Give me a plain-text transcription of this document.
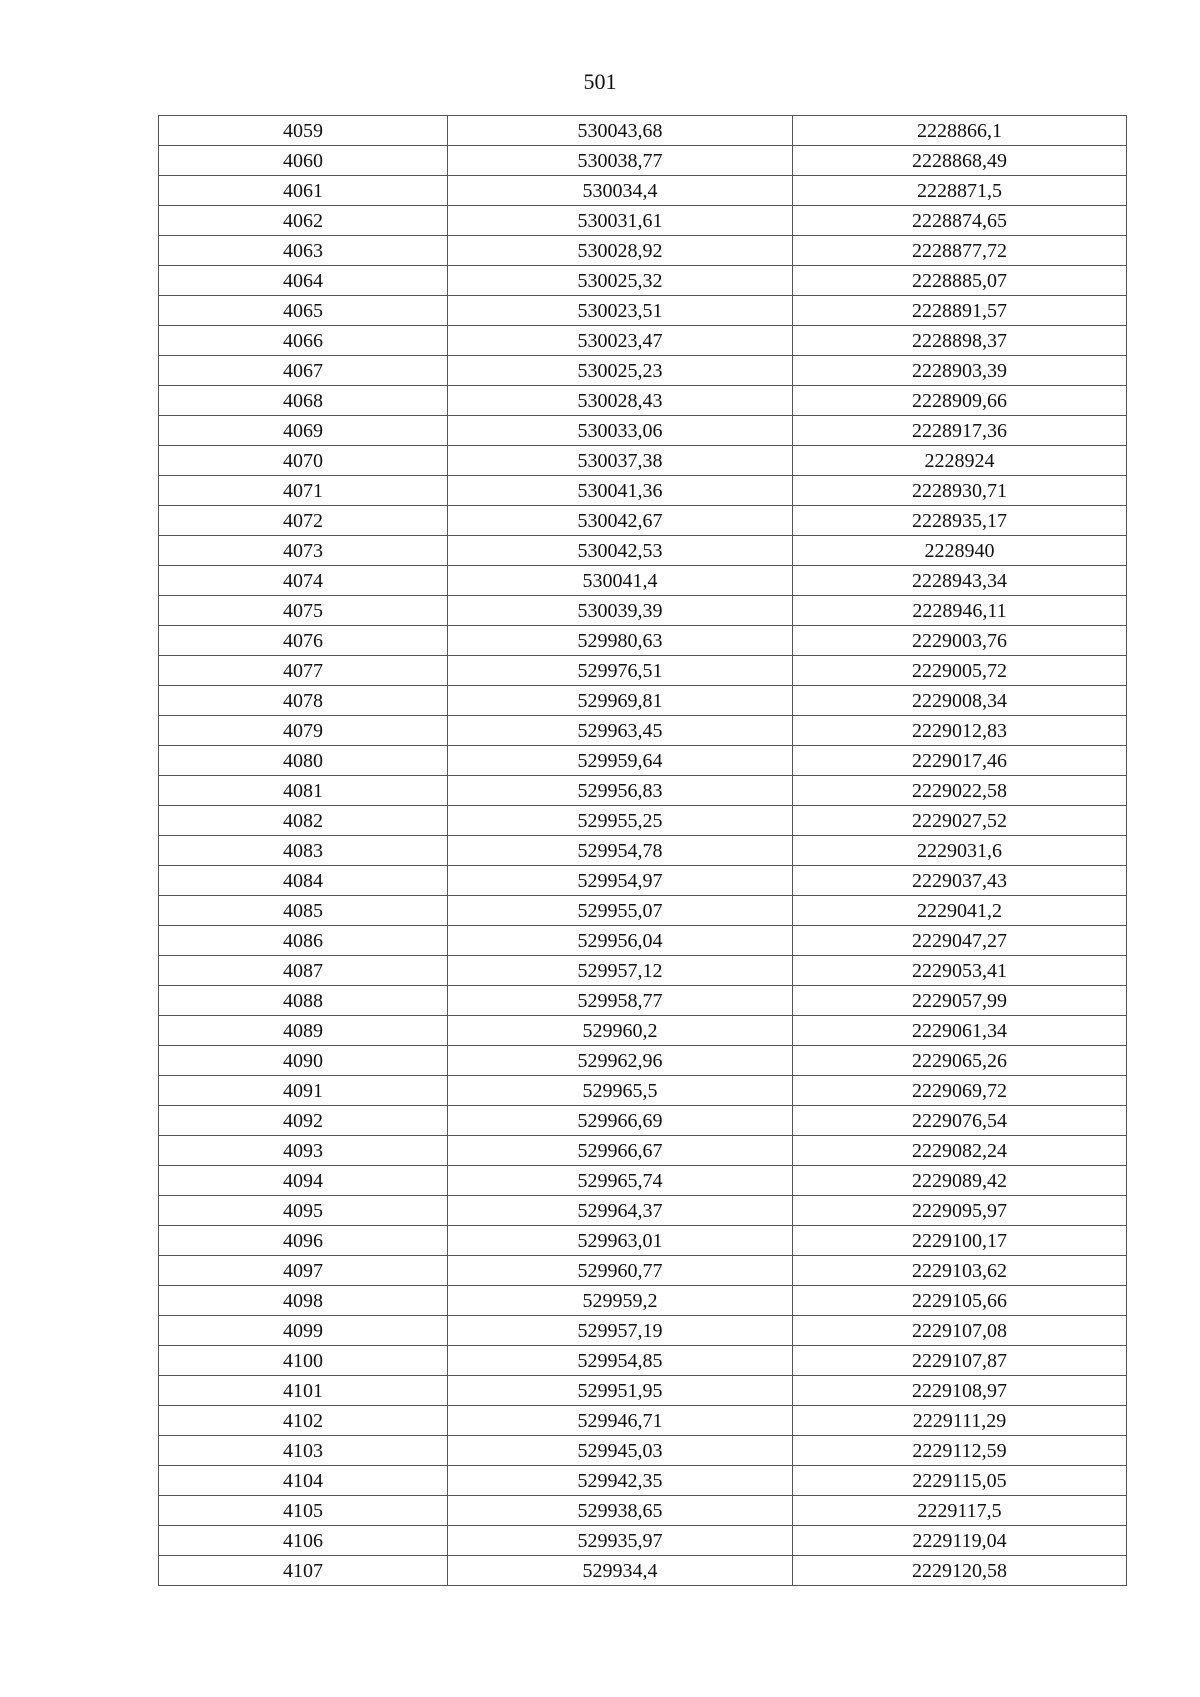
501
4059	530043,68	2228866,1
4060	530038,77	2228868,49
4061	530034,4	2228871,5
4062	530031,61	2228874,65
4063	530028,92	2228877,72
4064	530025,32	2228885,07
4065	530023,51	2228891,57
4066	530023,47	2228898,37
4067	530025,23	2228903,39
4068	530028,43	2228909,66
4069	530033,06	2228917,36
4070	530037,38	2228924
4071	530041,36	2228930,71
4072	530042,67	2228935,17
4073	530042,53	2228940
4074	530041,4	2228943,34
4075	530039,39	2228946,11
4076	529980,63	2229003,76
4077	529976,51	2229005,72
4078	529969,81	2229008,34
4079	529963,45	2229012,83
4080	529959,64	2229017,46
4081	529956,83	2229022,58
4082	529955,25	2229027,52
4083	529954,78	2229031,6
4084	529954,97	2229037,43
4085	529955,07	2229041,2
4086	529956,04	2229047,27
4087	529957,12	2229053,41
4088	529958,77	2229057,99
4089	529960,2	2229061,34
4090	529962,96	2229065,26
4091	529965,5	2229069,72
4092	529966,69	2229076,54
4093	529966,67	2229082,24
4094	529965,74	2229089,42
4095	529964,37	2229095,97
4096	529963,01	2229100,17
4097	529960,77	2229103,62
4098	529959,2	2229105,66
4099	529957,19	2229107,08
4100	529954,85	2229107,87
4101	529951,95	2229108,97
4102	529946,71	2229111,29
4103	529945,03	2229112,59
4104	529942,35	2229115,05
4105	529938,65	2229117,5
4106	529935,97	2229119,04
4107	529934,4	2229120,58
